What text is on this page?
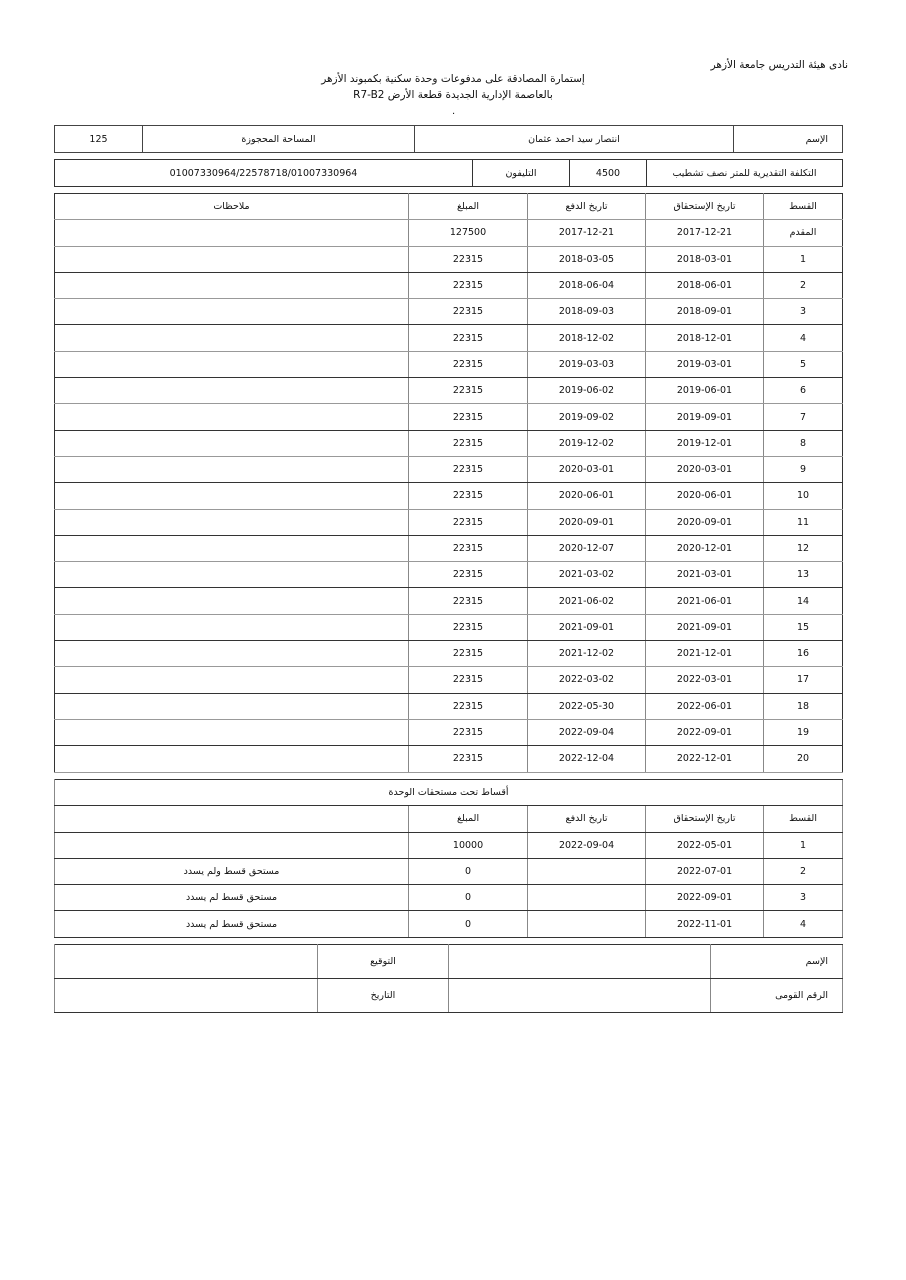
نادى هيئة التدريس جامعة الأزهر
إستمارة المصادقة على مدفوعات وحدة سكنية بكمبوند الأزهر
بالعاصمة الإدارية الجديدة قطعة الأرض R7-B2
.
الإسم	انتصار سيد احمد عثمان	المساحة المحجوزة	125
التكلفة التقديرية للمتر نصف تشطيب	4500	التليفون	01007330964/22578718/01007330964
القسط	تاريخ الإستحقاق	تاريخ الدفع	المبلغ	ملاحظات
المقدم	2017-12-21	2017-12-21	127500	
1	2018-03-01	2018-03-05	22315	
2	2018-06-01	2018-06-04	22315	
3	2018-09-01	2018-09-03	22315	
4	2018-12-01	2018-12-02	22315	
5	2019-03-01	2019-03-03	22315	
6	2019-06-01	2019-06-02	22315	
7	2019-09-01	2019-09-02	22315	
8	2019-12-01	2019-12-02	22315	
9	2020-03-01	2020-03-01	22315	
10	2020-06-01	2020-06-01	22315	
11	2020-09-01	2020-09-01	22315	
12	2020-12-01	2020-12-07	22315	
13	2021-03-01	2021-03-02	22315	
14	2021-06-01	2021-06-02	22315	
15	2021-09-01	2021-09-01	22315	
16	2021-12-01	2021-12-02	22315	
17	2022-03-01	2022-03-02	22315	
18	2022-06-01	2022-05-30	22315	
19	2022-09-01	2022-09-04	22315	
20	2022-12-01	2022-12-04	22315	
أقساط تحت مستحقات الوحدة				
القسط	تاريخ الإستحقاق	تاريخ الدفع	المبلغ	
1	2022-05-01	2022-09-04	10000	
2	2022-07-01		0	مستحق قسط ولم يسدد
3	2022-09-01		0	مستحق قسط لم يسدد
4	2022-11-01		0	مستحق قسط لم يسدد
الإسم		التوقيع	
الرقم القومى		التاريخ	
